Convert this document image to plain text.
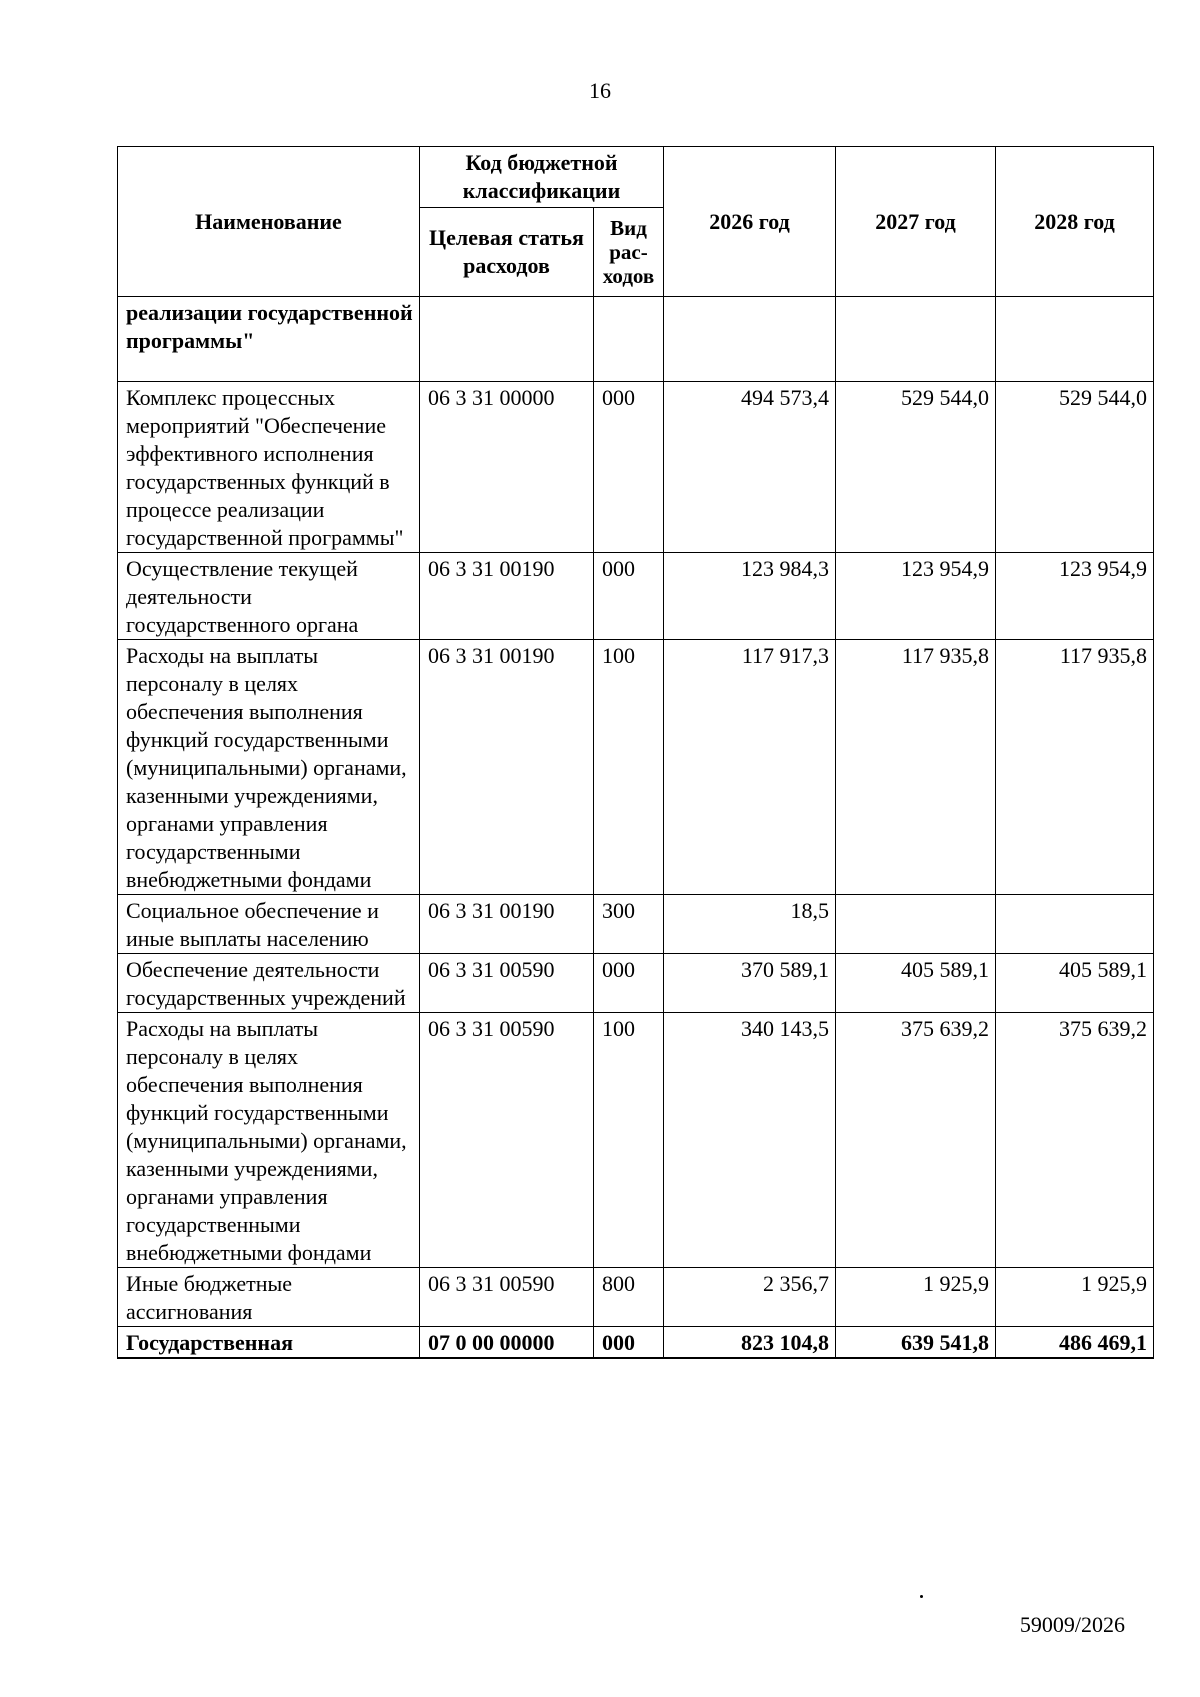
16
Наименование	Код бюджетной классификации		2026 год	2027 год	2028 год
	Целевая статья расходов	Вид рас-ходов			
реализации государственной программы"					
Комплекс процессных мероприятий "Обеспечение эффективного исполнения государственных функций в процессе реализации государственной программы"	06 3 31 00000	000	494 573,4	529 544,0	529 544,0
Осуществление текущей деятельности государственного органа	06 3 31 00190	000	123 984,3	123 954,9	123 954,9
Расходы на выплаты персоналу в целях обеспечения выполнения функций государственными (муниципальными) органами, казенными учреждениями, органами управления государственными внебюджетными фондами	06 3 31 00190	100	117 917,3	117 935,8	117 935,8
Социальное обеспечение и иные выплаты населению	06 3 31 00190	300	18,5		
Обеспечение деятельности государственных учреждений	06 3 31 00590	000	370 589,1	405 589,1	405 589,1
Расходы на выплаты персоналу в целях обеспечения выполнения функций государственными (муниципальными) органами, казенными учреждениями, органами управления государственными внебюджетными фондами	06 3 31 00590	100	340 143,5	375 639,2	375 639,2
Иные бюджетные ассигнования	06 3 31 00590	800	2 356,7	1 925,9	1 925,9
Государственная	07 0 00 00000	000	823 104,8	639 541,8	486 469,1
59009/2026
